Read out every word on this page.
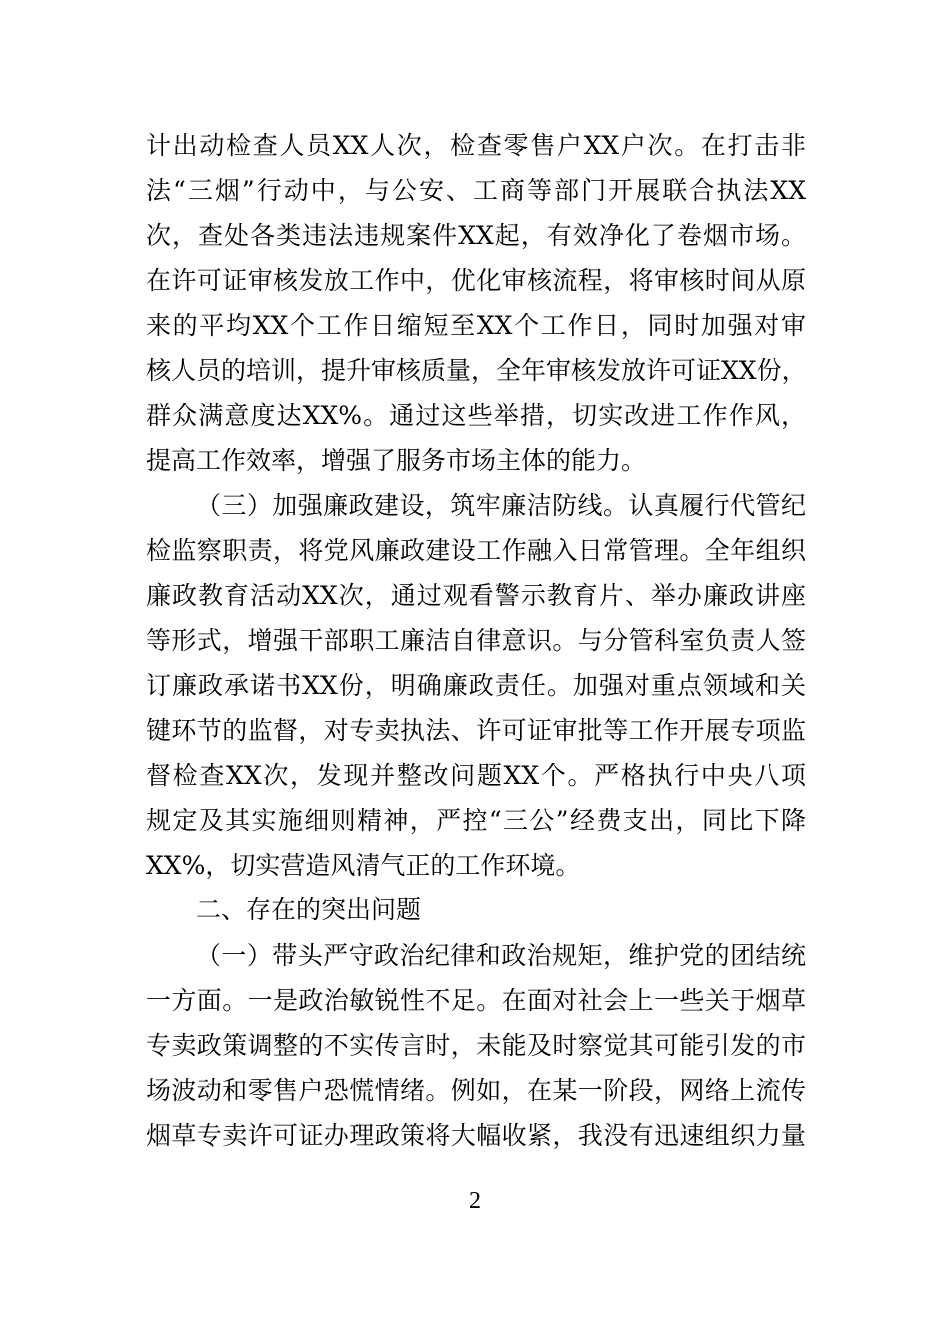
计出动检查人员XX人次，检查零售户XX户次。在打击非
法“三烟”行动中，与公安、工商等部门开展联合执法XX
次，查处各类违法违规案件XX起，有效净化了卷烟市场。
在许可证审核发放工作中，优化审核流程，将审核时间从原
来的平均XX个工作日缩短至XX个工作日，同时加强对审
核人员的培训，提升审核质量，全年审核发放许可证XX份，
群众满意度达XX%。通过这些举措，切实改进工作作风，
提高工作效率，增强了服务市场主体的能力。
（三）加强廉政建设，筑牢廉洁防线。认真履行代管纪
检监察职责，将党风廉政建设工作融入日常管理。全年组织
廉政教育活动XX次，通过观看警示教育片、举办廉政讲座
等形式，增强干部职工廉洁自律意识。与分管科室负责人签
订廉政承诺书XX份，明确廉政责任。加强对重点领域和关
键环节的监督，对专卖执法、许可证审批等工作开展专项监
督检查XX次，发现并整改问题XX个。严格执行中央八项
规定及其实施细则精神，严控“三公”经费支出，同比下降
XX%，切实营造风清气正的工作环境。
二、存在的突出问题
（一）带头严守政治纪律和政治规矩，维护党的团结统
一方面。一是政治敏锐性不足。在面对社会上一些关于烟草
专卖政策调整的不实传言时，未能及时察觉其可能引发的市
场波动和零售户恐慌情绪。例如，在某一阶段，网络上流传
烟草专卖许可证办理政策将大幅收紧，我没有迅速组织力量
2
